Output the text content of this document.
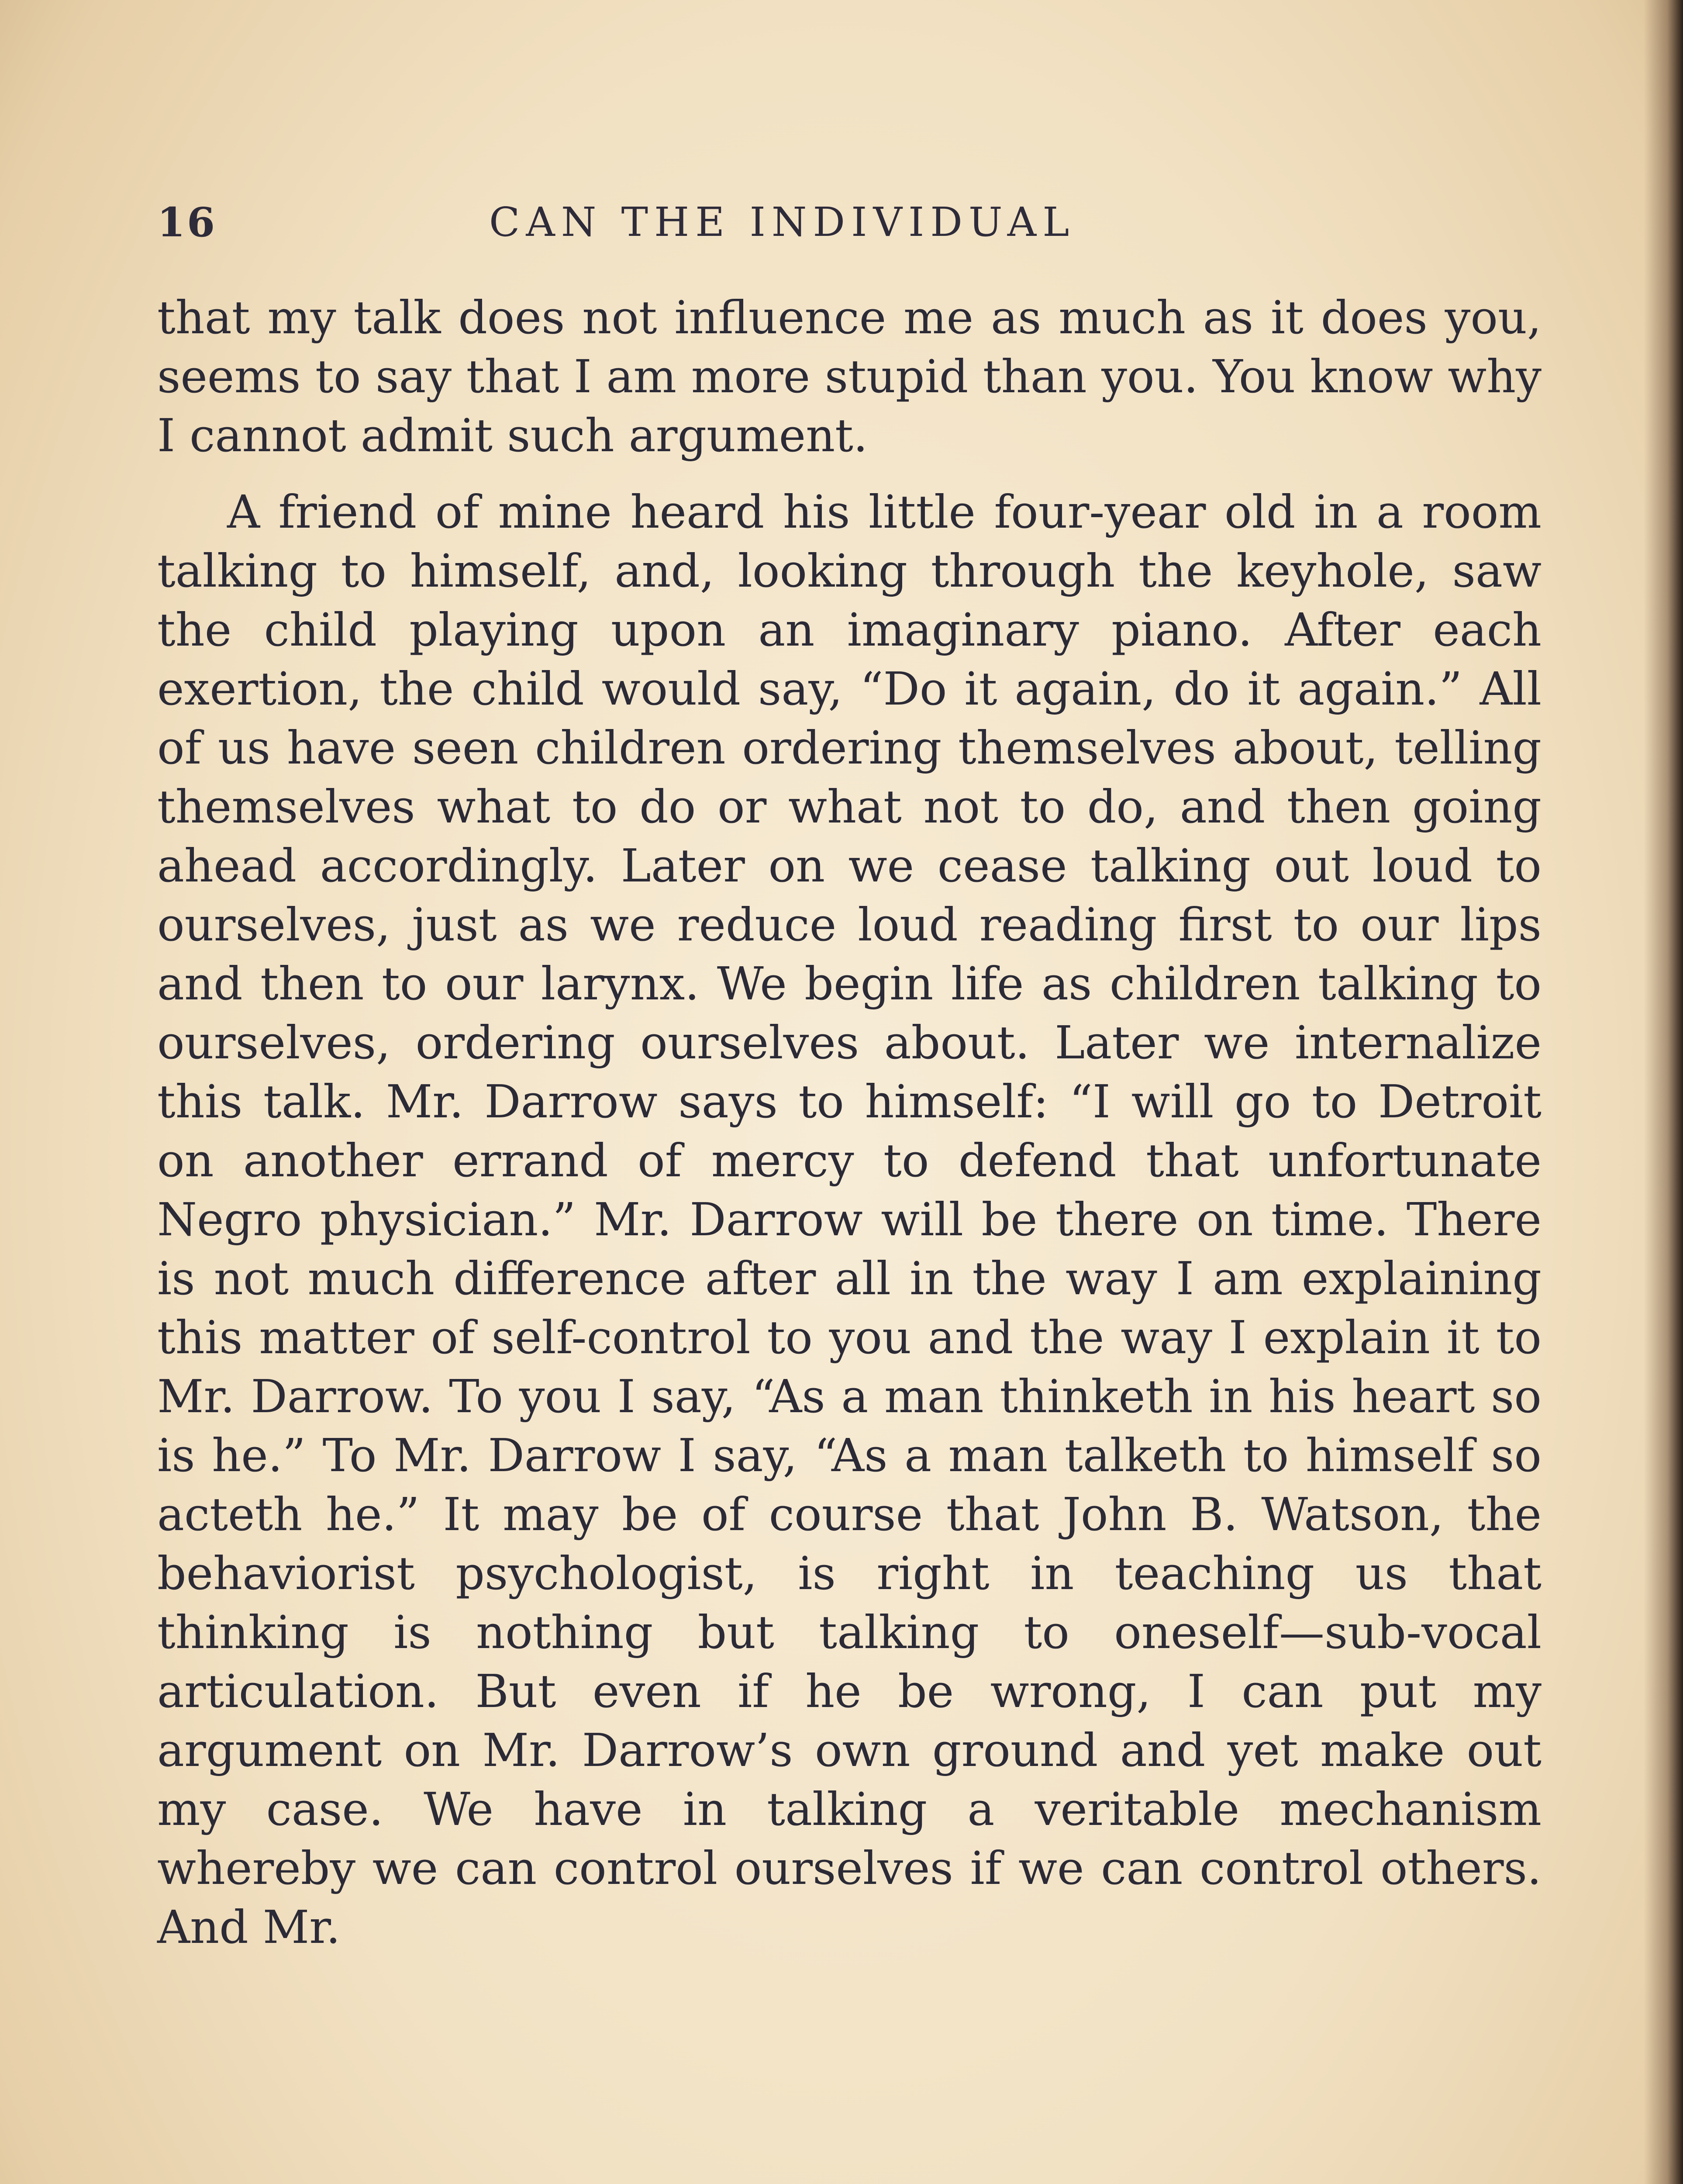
16	CAN THE INDIVIDUAL

that my talk does not influence me as much as it does you, seems to say that I am more stupid than you. You know why I cannot admit such argument.

A friend of mine heard his little four-year old in a room talking to himself, and, looking through the keyhole, saw the child playing upon an imaginary piano. After each exertion, the child would say, “Do it again, do it again.” All of us have seen children ordering themselves about, telling themselves what to do or what not to do, and then going ahead accordingly. Later on we cease talking out loud to ourselves, just as we reduce loud reading first to our lips and then to our larynx. We begin life as children talking to ourselves, ordering ourselves about. Later we internalize this talk. Mr. Darrow says to himself: “I will go to Detroit on another errand of mercy to defend that unfortunate Negro physician.” Mr. Darrow will be there on time. There is not much difference after all in the way I am explaining this matter of self-control to you and the way I explain it to Mr. Darrow. To you I say, “As a man thinketh in his heart so is he.” To Mr. Darrow I say, “As a man talketh to himself so acteth he.” It may be of course that John B. Watson, the behaviorist psychologist, is right in teaching us that thinking is nothing but talking to oneself—sub-vocal articulation. But even if he be wrong, I can put my argument on Mr. Darrow’s own ground and yet make out my case. We have in talking a veritable mechanism whereby we can control ourselves if we can control others. And Mr.
